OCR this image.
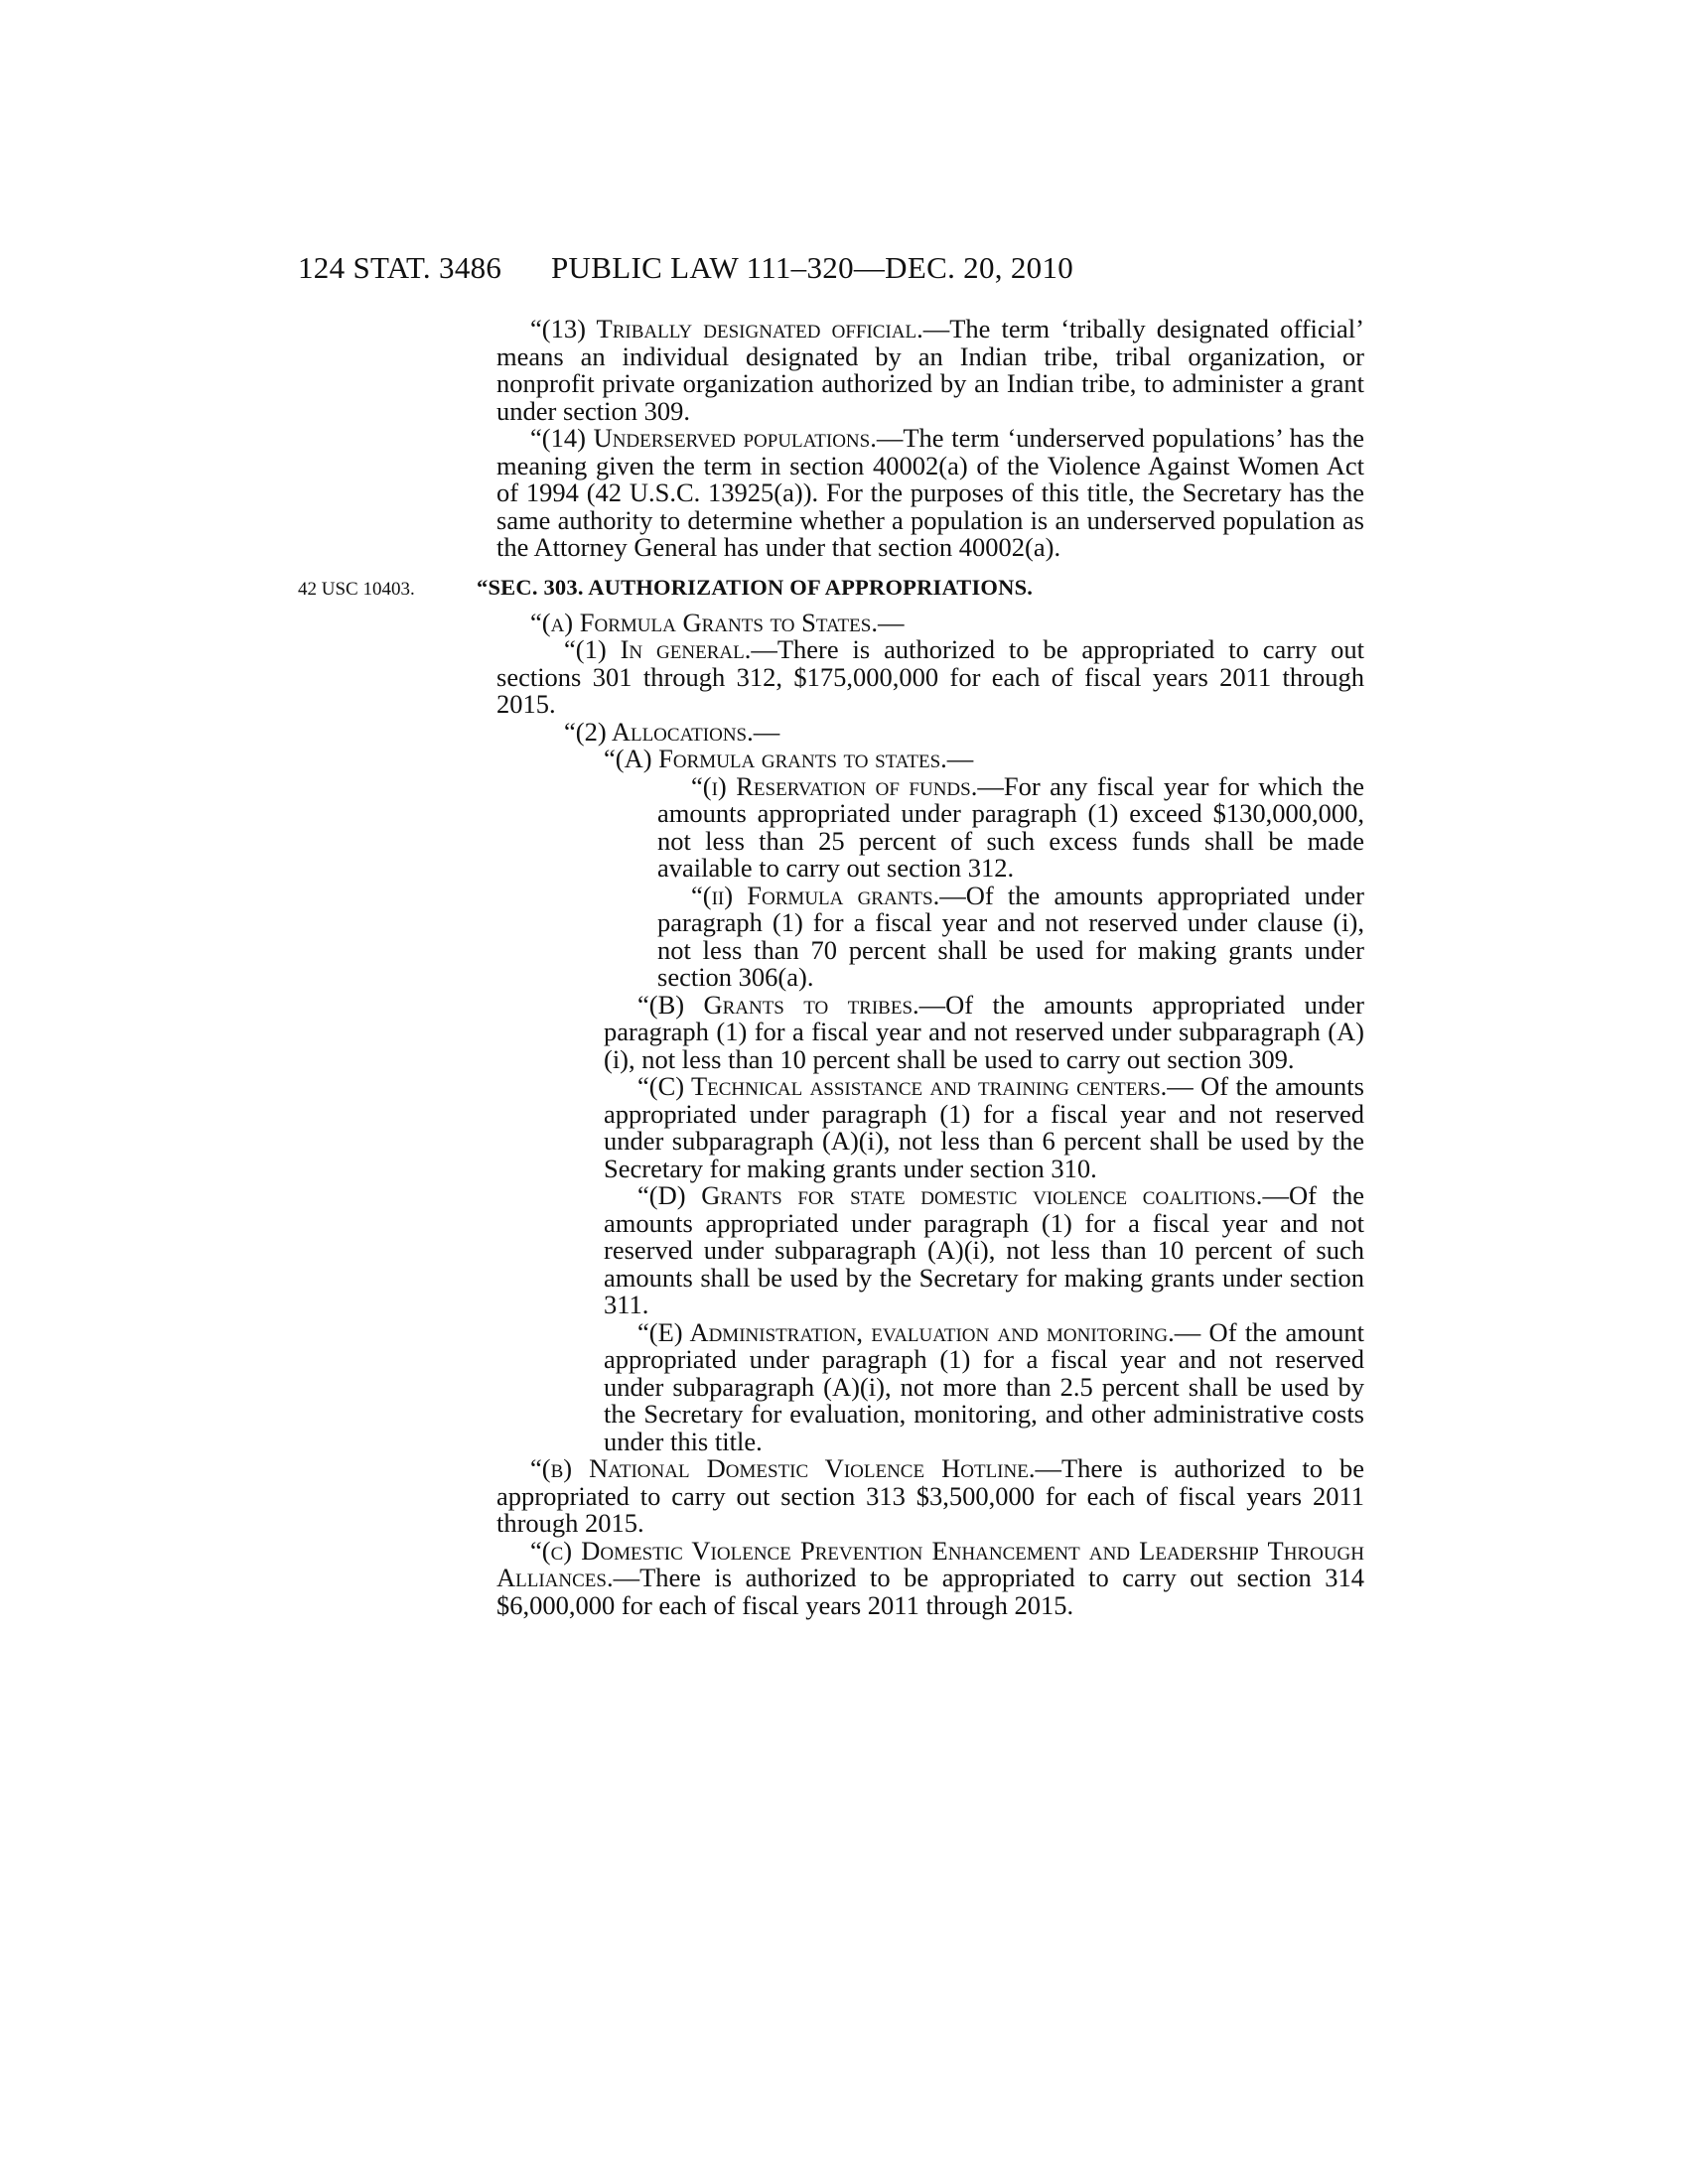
124 STAT. 3486 PUBLIC LAW 111–320—DEC. 20, 2010

“(13) Tribally designated official.—The term ‘tribally designated official’ means an individual designated by an Indian tribe, tribal organization, or nonprofit private organization authorized by an Indian tribe, to administer a grant under section 309.

“(14) Underserved populations.—The term ‘underserved populations’ has the meaning given the term in section 40002(a) of the Violence Against Women Act of 1994 (42 U.S.C. 13925(a)). For the purposes of this title, the Secretary has the same authority to determine whether a population is an underserved population as the Attorney General has under that section 40002(a).

42 USC 10403.	“SEC. 303. AUTHORIZATION OF APPROPRIATIONS.

“(a) Formula Grants to States.—

“(1) In general.—There is authorized to be appropriated to carry out sections 301 through 312, $175,000,000 for each of fiscal years 2011 through 2015.

“(2) Allocations.—

“(A) Formula grants to states.—

“(i) Reservation of funds.—For any fiscal year for which the amounts appropriated under paragraph (1) exceed $130,000,000, not less than 25 percent of such excess funds shall be made available to carry out section 312.

“(ii) Formula grants.—Of the amounts appropriated under paragraph (1) for a fiscal year and not reserved under clause (i), not less than 70 percent shall be used for making grants under section 306(a).

“(B) Grants to tribes.—Of the amounts appropriated under paragraph (1) for a fiscal year and not reserved under subparagraph (A)(i), not less than 10 percent shall be used to carry out section 309.

“(C) Technical assistance and training centers.— Of the amounts appropriated under paragraph (1) for a fiscal year and not reserved under subparagraph (A)(i), not less than 6 percent shall be used by the Secretary for making grants under section 310.

“(D) Grants for state domestic violence coalitions.—Of the amounts appropriated under paragraph (1) for a fiscal year and not reserved under subparagraph (A)(i), not less than 10 percent of such amounts shall be used by the Secretary for making grants under section 311.

“(E) Administration, evaluation and monitoring.— Of the amount appropriated under paragraph (1) for a fiscal year and not reserved under subparagraph (A)(i), not more than 2.5 percent shall be used by the Secretary for evaluation, monitoring, and other administrative costs under this title.

“(b) National Domestic Violence Hotline.—There is authorized to be appropriated to carry out section 313 $3,500,000 for each of fiscal years 2011 through 2015.

“(c) Domestic Violence Prevention Enhancement and Leadership Through Alliances.—There is authorized to be appropriated to carry out section 314 $6,000,000 for each of fiscal years 2011 through 2015.
